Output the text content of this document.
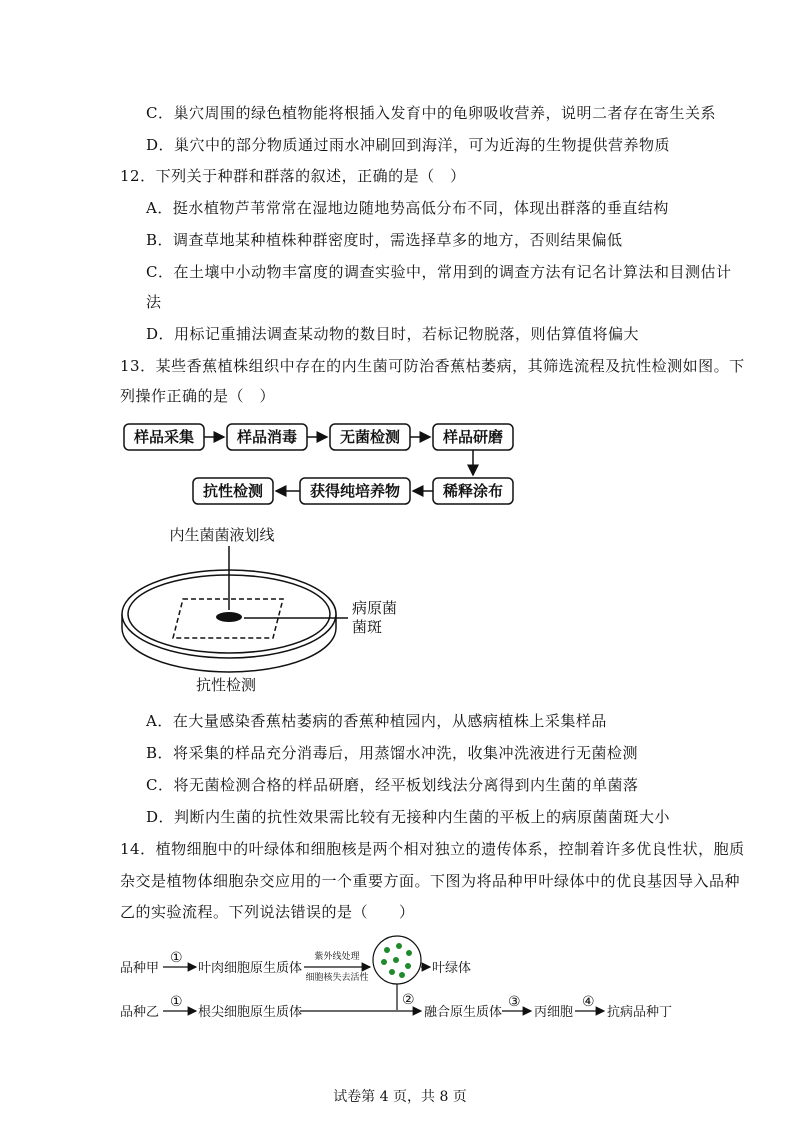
C．巢穴周围的绿色植物能将根插入发育中的龟卵吸收营养，说明二者存在寄生关系
D．巢穴中的部分物质通过雨水冲刷回到海洋，可为近海的生物提供营养物质
12．下列关于种群和群落的叙述，正确的是（　）
A．挺水植物芦苇常常在湿地边随地势高低分布不同，体现出群落的垂直结构
B．调查草地某种植株种群密度时，需选择草多的地方，否则结果偏低
C．在土壤中小动物丰富度的调查实验中，常用到的调查方法有记名计算法和目测估计
法
D．用标记重捕法调查某动物的数目时，若标记物脱落，则估算值将偏大
13．某些香蕉植株组织中存在的内生菌可防治香蕉枯萎病，其筛选流程及抗性检测如图。下
列操作正确的是（　）
A．在大量感染香蕉枯萎病的香蕉种植园内，从感病植株上采集样品
B．将采集的样品充分消毒后，用蒸馏水冲洗，收集冲洗液进行无菌检测
C．将无菌检测合格的样品研磨，经平板划线法分离得到内生菌的单菌落
D．判断内生菌的抗性效果需比较有无接种内生菌的平板上的病原菌菌斑大小
14．植物细胞中的叶绿体和细胞核是两个相对独立的遗传体系，控制着许多优良性状，胞质
杂交是植物体细胞杂交应用的一个重要方面。下图为将品种甲叶绿体中的优良基因导入品种
乙的实验流程。下列说法错误的是（　　）
试卷第 4 页，共 8 页
样品采集	样品消毒	无菌检测	样品研磨
稀释涂布
获得纯培养物
抗性检测
内生菌菌液划线
病原菌
菌斑
抗性检测
品种甲
①
叶肉细胞原生质体
紫外线处理
细胞核失去活性
叶绿体
品种乙
①
根尖细胞原生质体
②
融合原生质体
③
丙细胞
④
抗病品种丁
